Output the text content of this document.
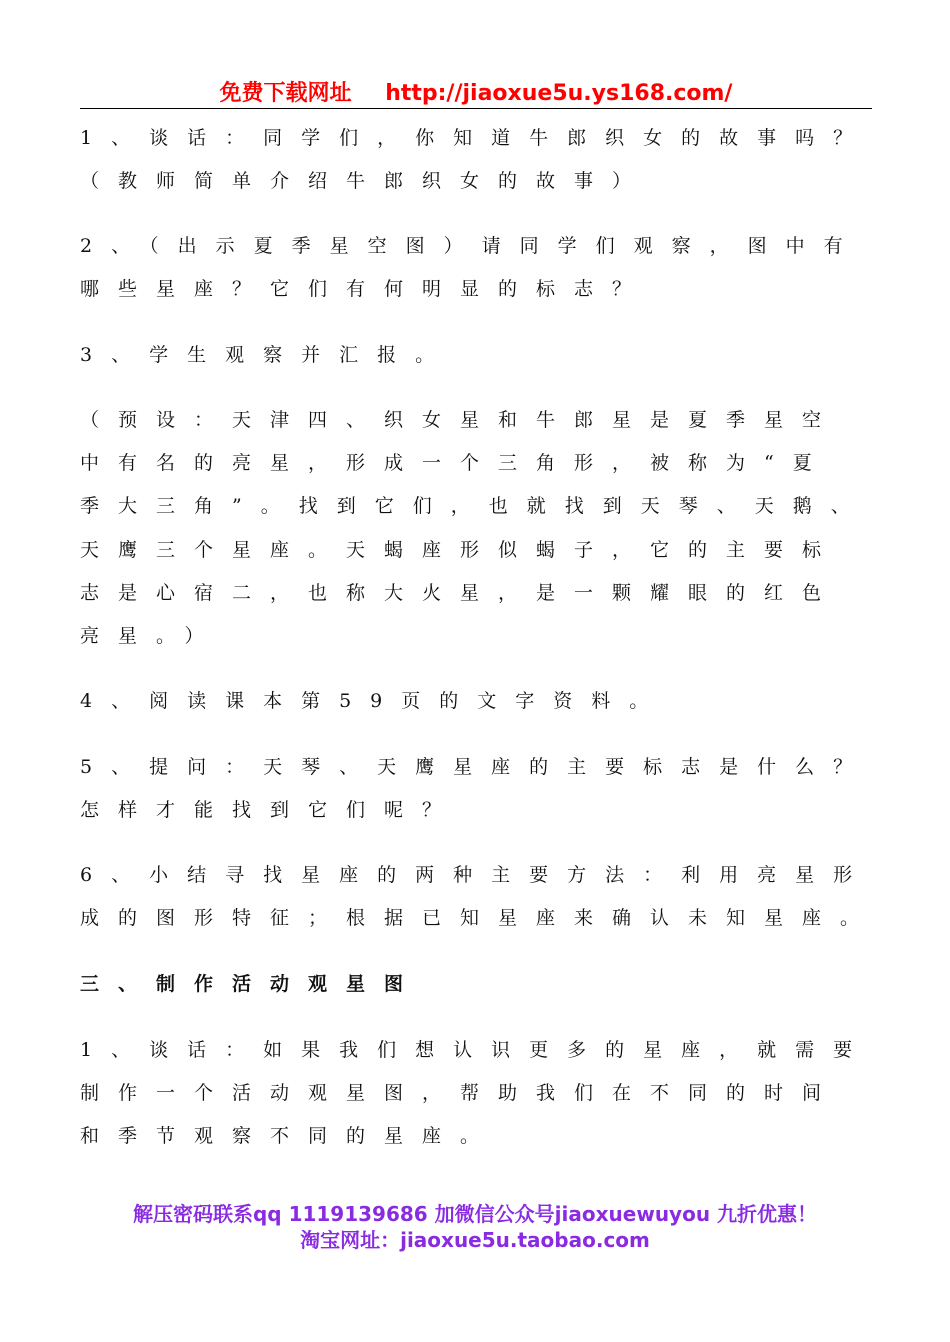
免费下载网址 http://jiaoxue5u.ys168.com/
1、谈话：同学们，你知道牛郎织女的故事吗？
（教师简单介绍牛郎织女的故事）
2、（出示夏季星空图）请同学们观察，图中有
哪些星座？它们有何明显的标志？
3、学生观察并汇报。
（预设：天津四、织女星和牛郎星是夏季星空
中有名的亮星，形成一个三角形，被称为“夏
季大三角”。找到它们，也就找到天琴、天鹅、
天鹰三个星座。天蝎座形似蝎子，它的主要标
志是心宿二，也称大火星，是一颗耀眼的红色
亮星。）
4、阅读课本第59页的文字资料。
5、提问：天琴、天鹰星座的主要标志是什么？
怎样才能找到它们呢？
6、小结寻找星座的两种主要方法：利用亮星形
成的图形特征；根据已知星座来确认未知星座。
三、制作活动观星图
1、谈话：如果我们想认识更多的星座，就需要
制作一个活动观星图，帮助我们在不同的时间
和季节观察不同的星座。
解压密码联系qq 1119139686 加微信公众号jiaoxuewuyou 九折优惠！
淘宝网址：jiaoxue5u.taobao.com
